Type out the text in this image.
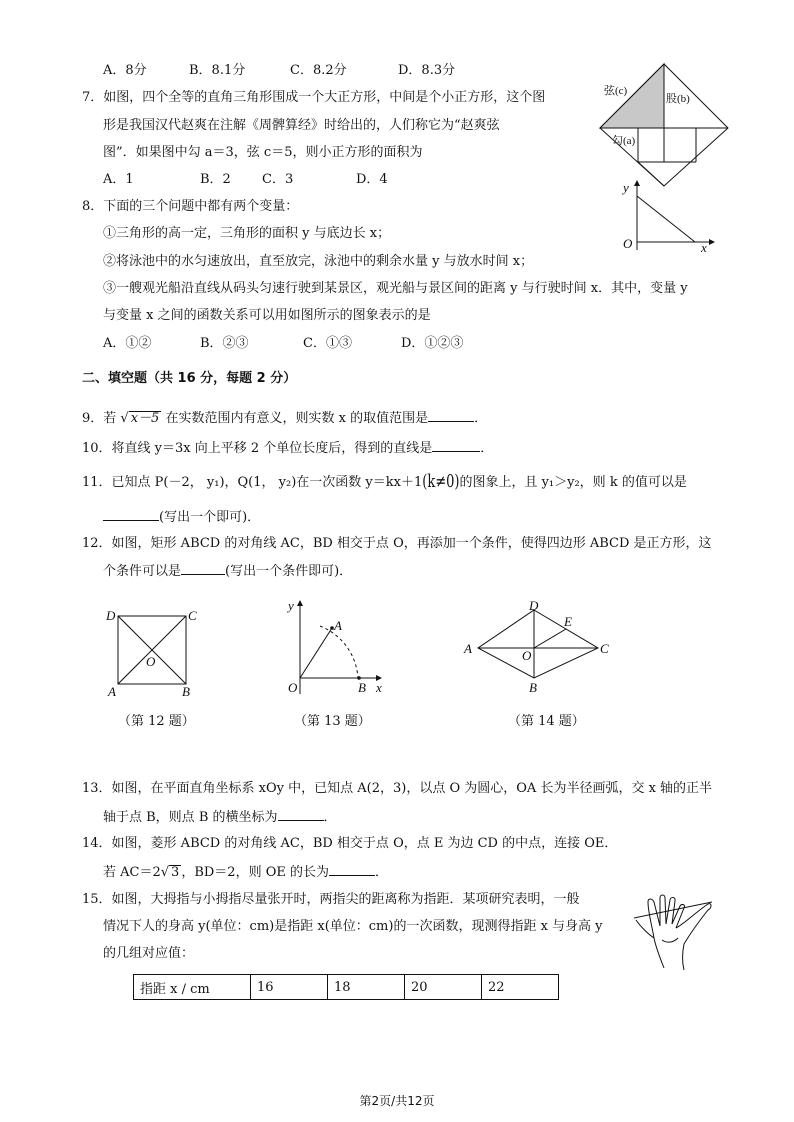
A．8分	B．8.1分	C．8.2分	D．8.3分
7．如图，四个全等的直角三角形围成一个大正方形，中间是个小正方形，这个图
形是我国汉代赵爽在注解《周髀算经》时给出的，人们称它为“赵爽弦
图”．如果图中勾 a＝3，弦 c＝5，则小正方形的面积为
A．1	B．2 C．3	D．4
弦(c)
股(b)
勾(a)
8．下面的三个问题中都有两个变量：
①三角形的高一定，三角形的面积 y 与底边长 x；
②将泳池中的水匀速放出，直至放完，泳池中的剩余水量 y 与放水时间 x；
③一艘观光船沿直线从码头匀速行驶到某景区，观光船与景区间的距离 y 与行驶时间 x．其中，变量 y
与变量 x 之间的函数关系可以用如图所示的图象表示的是
A．①②	B．②③	C．①③	D．①②③
y
O	x
二、填空题（共 16 分，每题 2 分）
9．若 √ x－5 在实数范围内有意义，则实数 x 的取值范围是	．
10．将直线 y＝3x 向上平移 2 个单位长度后，得到的直线是	．
11．已知点 P(－2， y₁)，Q(1， y₂)在一次函数 y＝kx＋1(k≠0)的图象上，且 y₁＞y₂，则 k 的值可以是
(写出一个即可)．
12．如图，矩形 ABCD 的对角线 AC，BD 相交于点 O，再添加一个条件，使得四边形 ABCD 是正方形，这
个条件可以是	(写出一个条件即可)．
D	C
O
A	B
（第 12 题）
y
A
O	B x
（第 13 题）
D
E
A	O	C
B
（第 14 题）
13．如图，在平面直角坐标系 xOy 中，已知点 A(2，3)，以点 O 为圆心，OA 长为半径画弧，交 x 轴的正半
轴于点 B，则点 B 的横坐标为	．
14．如图，菱形 ABCD 的对角线 AC，BD 相交于点 O，点 E 为边 CD 的中点，连接 OE．
若 AC＝2√ 3 ，BD＝2，则 OE 的长为	．
15．如图，大拇指与小拇指尽量张开时，两指尖的距离称为指距．某项研究表明，一般
情况下人的身高 y(单位：cm)是指距 x(单位：cm)的一次函数，现测得指距 x 与身高 y
的几组对应值：
指距 x / cm	16	18	20	22
第2页/共12页
